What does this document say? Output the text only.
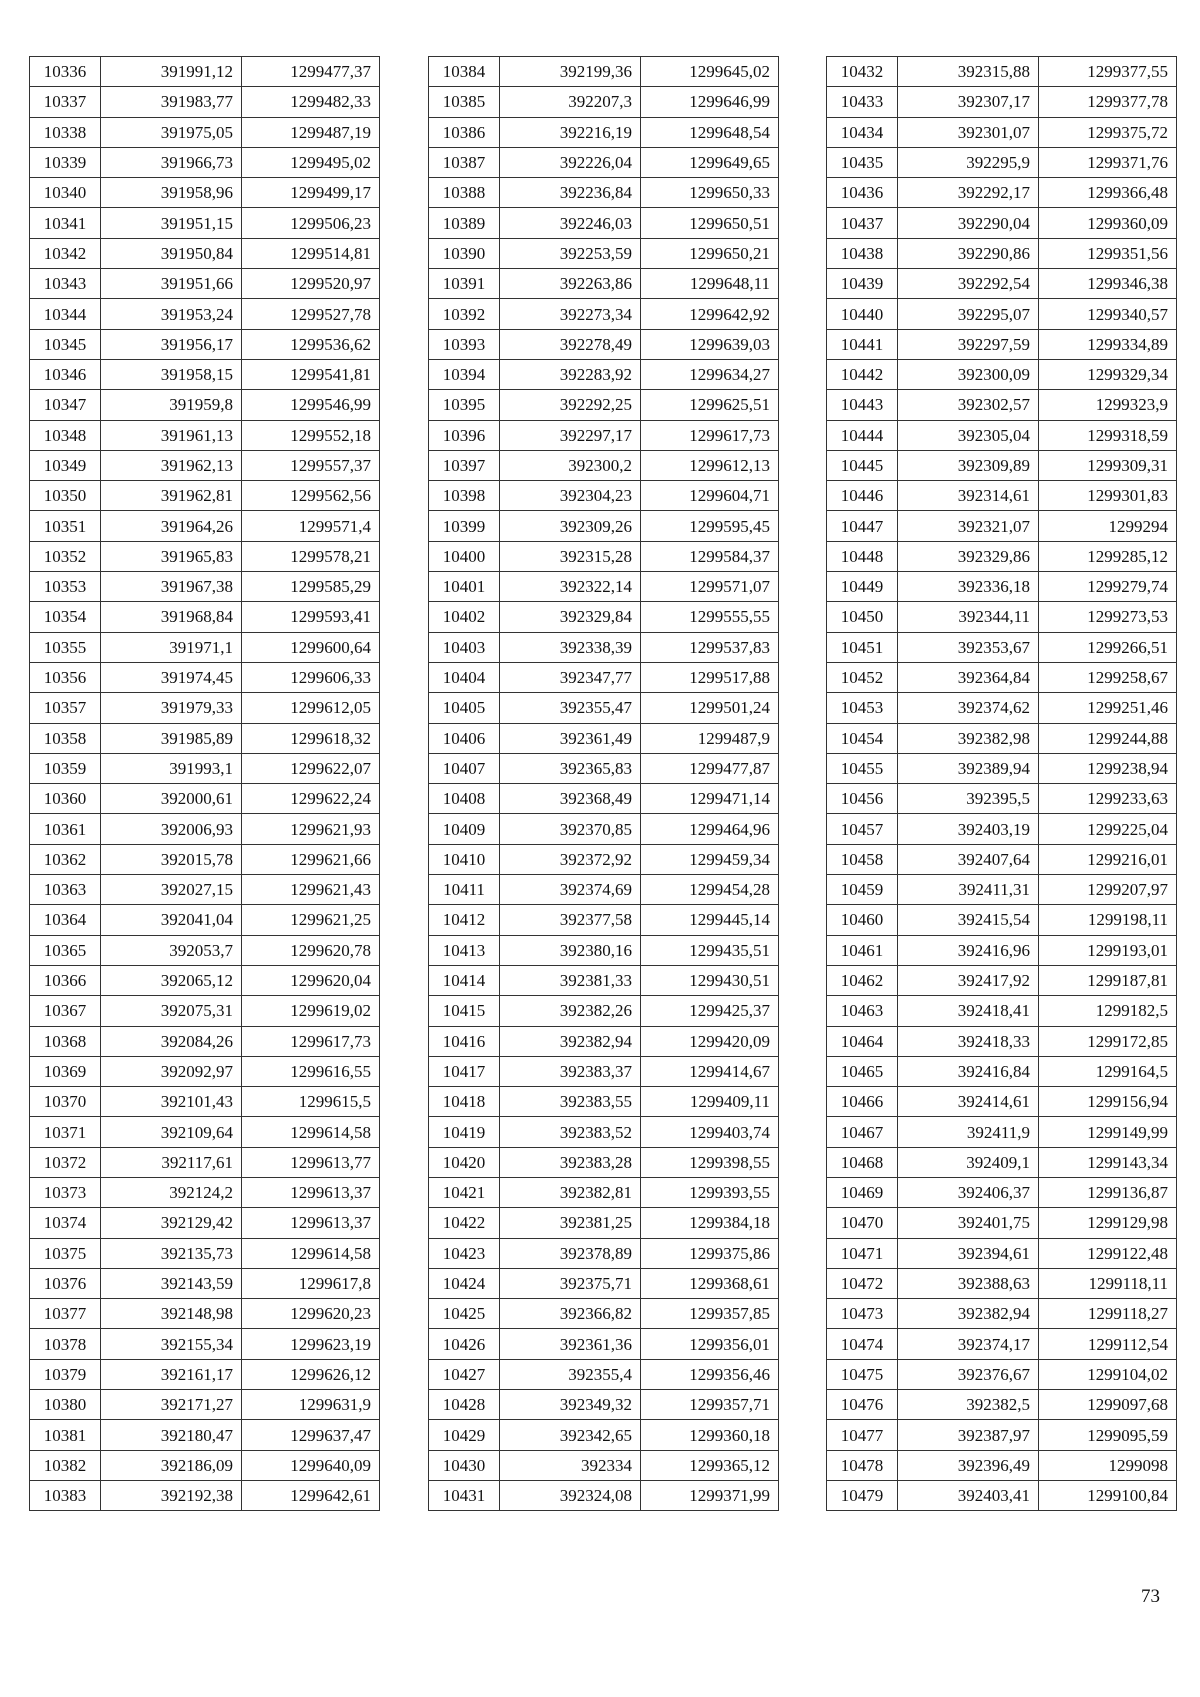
10336	391991,12	1299477,37
10337	391983,77	1299482,33
10338	391975,05	1299487,19
10339	391966,73	1299495,02
10340	391958,96	1299499,17
10341	391951,15	1299506,23
10342	391950,84	1299514,81
10343	391951,66	1299520,97
10344	391953,24	1299527,78
10345	391956,17	1299536,62
10346	391958,15	1299541,81
10347	391959,8	1299546,99
10348	391961,13	1299552,18
10349	391962,13	1299557,37
10350	391962,81	1299562,56
10351	391964,26	1299571,4
10352	391965,83	1299578,21
10353	391967,38	1299585,29
10354	391968,84	1299593,41
10355	391971,1	1299600,64
10356	391974,45	1299606,33
10357	391979,33	1299612,05
10358	391985,89	1299618,32
10359	391993,1	1299622,07
10360	392000,61	1299622,24
10361	392006,93	1299621,93
10362	392015,78	1299621,66
10363	392027,15	1299621,43
10364	392041,04	1299621,25
10365	392053,7	1299620,78
10366	392065,12	1299620,04
10367	392075,31	1299619,02
10368	392084,26	1299617,73
10369	392092,97	1299616,55
10370	392101,43	1299615,5
10371	392109,64	1299614,58
10372	392117,61	1299613,77
10373	392124,2	1299613,37
10374	392129,42	1299613,37
10375	392135,73	1299614,58
10376	392143,59	1299617,8
10377	392148,98	1299620,23
10378	392155,34	1299623,19
10379	392161,17	1299626,12
10380	392171,27	1299631,9
10381	392180,47	1299637,47
10382	392186,09	1299640,09
10383	392192,38	1299642,61
10384	392199,36	1299645,02
10385	392207,3	1299646,99
10386	392216,19	1299648,54
10387	392226,04	1299649,65
10388	392236,84	1299650,33
10389	392246,03	1299650,51
10390	392253,59	1299650,21
10391	392263,86	1299648,11
10392	392273,34	1299642,92
10393	392278,49	1299639,03
10394	392283,92	1299634,27
10395	392292,25	1299625,51
10396	392297,17	1299617,73
10397	392300,2	1299612,13
10398	392304,23	1299604,71
10399	392309,26	1299595,45
10400	392315,28	1299584,37
10401	392322,14	1299571,07
10402	392329,84	1299555,55
10403	392338,39	1299537,83
10404	392347,77	1299517,88
10405	392355,47	1299501,24
10406	392361,49	1299487,9
10407	392365,83	1299477,87
10408	392368,49	1299471,14
10409	392370,85	1299464,96
10410	392372,92	1299459,34
10411	392374,69	1299454,28
10412	392377,58	1299445,14
10413	392380,16	1299435,51
10414	392381,33	1299430,51
10415	392382,26	1299425,37
10416	392382,94	1299420,09
10417	392383,37	1299414,67
10418	392383,55	1299409,11
10419	392383,52	1299403,74
10420	392383,28	1299398,55
10421	392382,81	1299393,55
10422	392381,25	1299384,18
10423	392378,89	1299375,86
10424	392375,71	1299368,61
10425	392366,82	1299357,85
10426	392361,36	1299356,01
10427	392355,4	1299356,46
10428	392349,32	1299357,71
10429	392342,65	1299360,18
10430	392334	1299365,12
10431	392324,08	1299371,99
10432	392315,88	1299377,55
10433	392307,17	1299377,78
10434	392301,07	1299375,72
10435	392295,9	1299371,76
10436	392292,17	1299366,48
10437	392290,04	1299360,09
10438	392290,86	1299351,56
10439	392292,54	1299346,38
10440	392295,07	1299340,57
10441	392297,59	1299334,89
10442	392300,09	1299329,34
10443	392302,57	1299323,9
10444	392305,04	1299318,59
10445	392309,89	1299309,31
10446	392314,61	1299301,83
10447	392321,07	1299294
10448	392329,86	1299285,12
10449	392336,18	1299279,74
10450	392344,11	1299273,53
10451	392353,67	1299266,51
10452	392364,84	1299258,67
10453	392374,62	1299251,46
10454	392382,98	1299244,88
10455	392389,94	1299238,94
10456	392395,5	1299233,63
10457	392403,19	1299225,04
10458	392407,64	1299216,01
10459	392411,31	1299207,97
10460	392415,54	1299198,11
10461	392416,96	1299193,01
10462	392417,92	1299187,81
10463	392418,41	1299182,5
10464	392418,33	1299172,85
10465	392416,84	1299164,5
10466	392414,61	1299156,94
10467	392411,9	1299149,99
10468	392409,1	1299143,34
10469	392406,37	1299136,87
10470	392401,75	1299129,98
10471	392394,61	1299122,48
10472	392388,63	1299118,11
10473	392382,94	1299118,27
10474	392374,17	1299112,54
10475	392376,67	1299104,02
10476	392382,5	1299097,68
10477	392387,97	1299095,59
10478	392396,49	1299098
10479	392403,41	1299100,84
73
